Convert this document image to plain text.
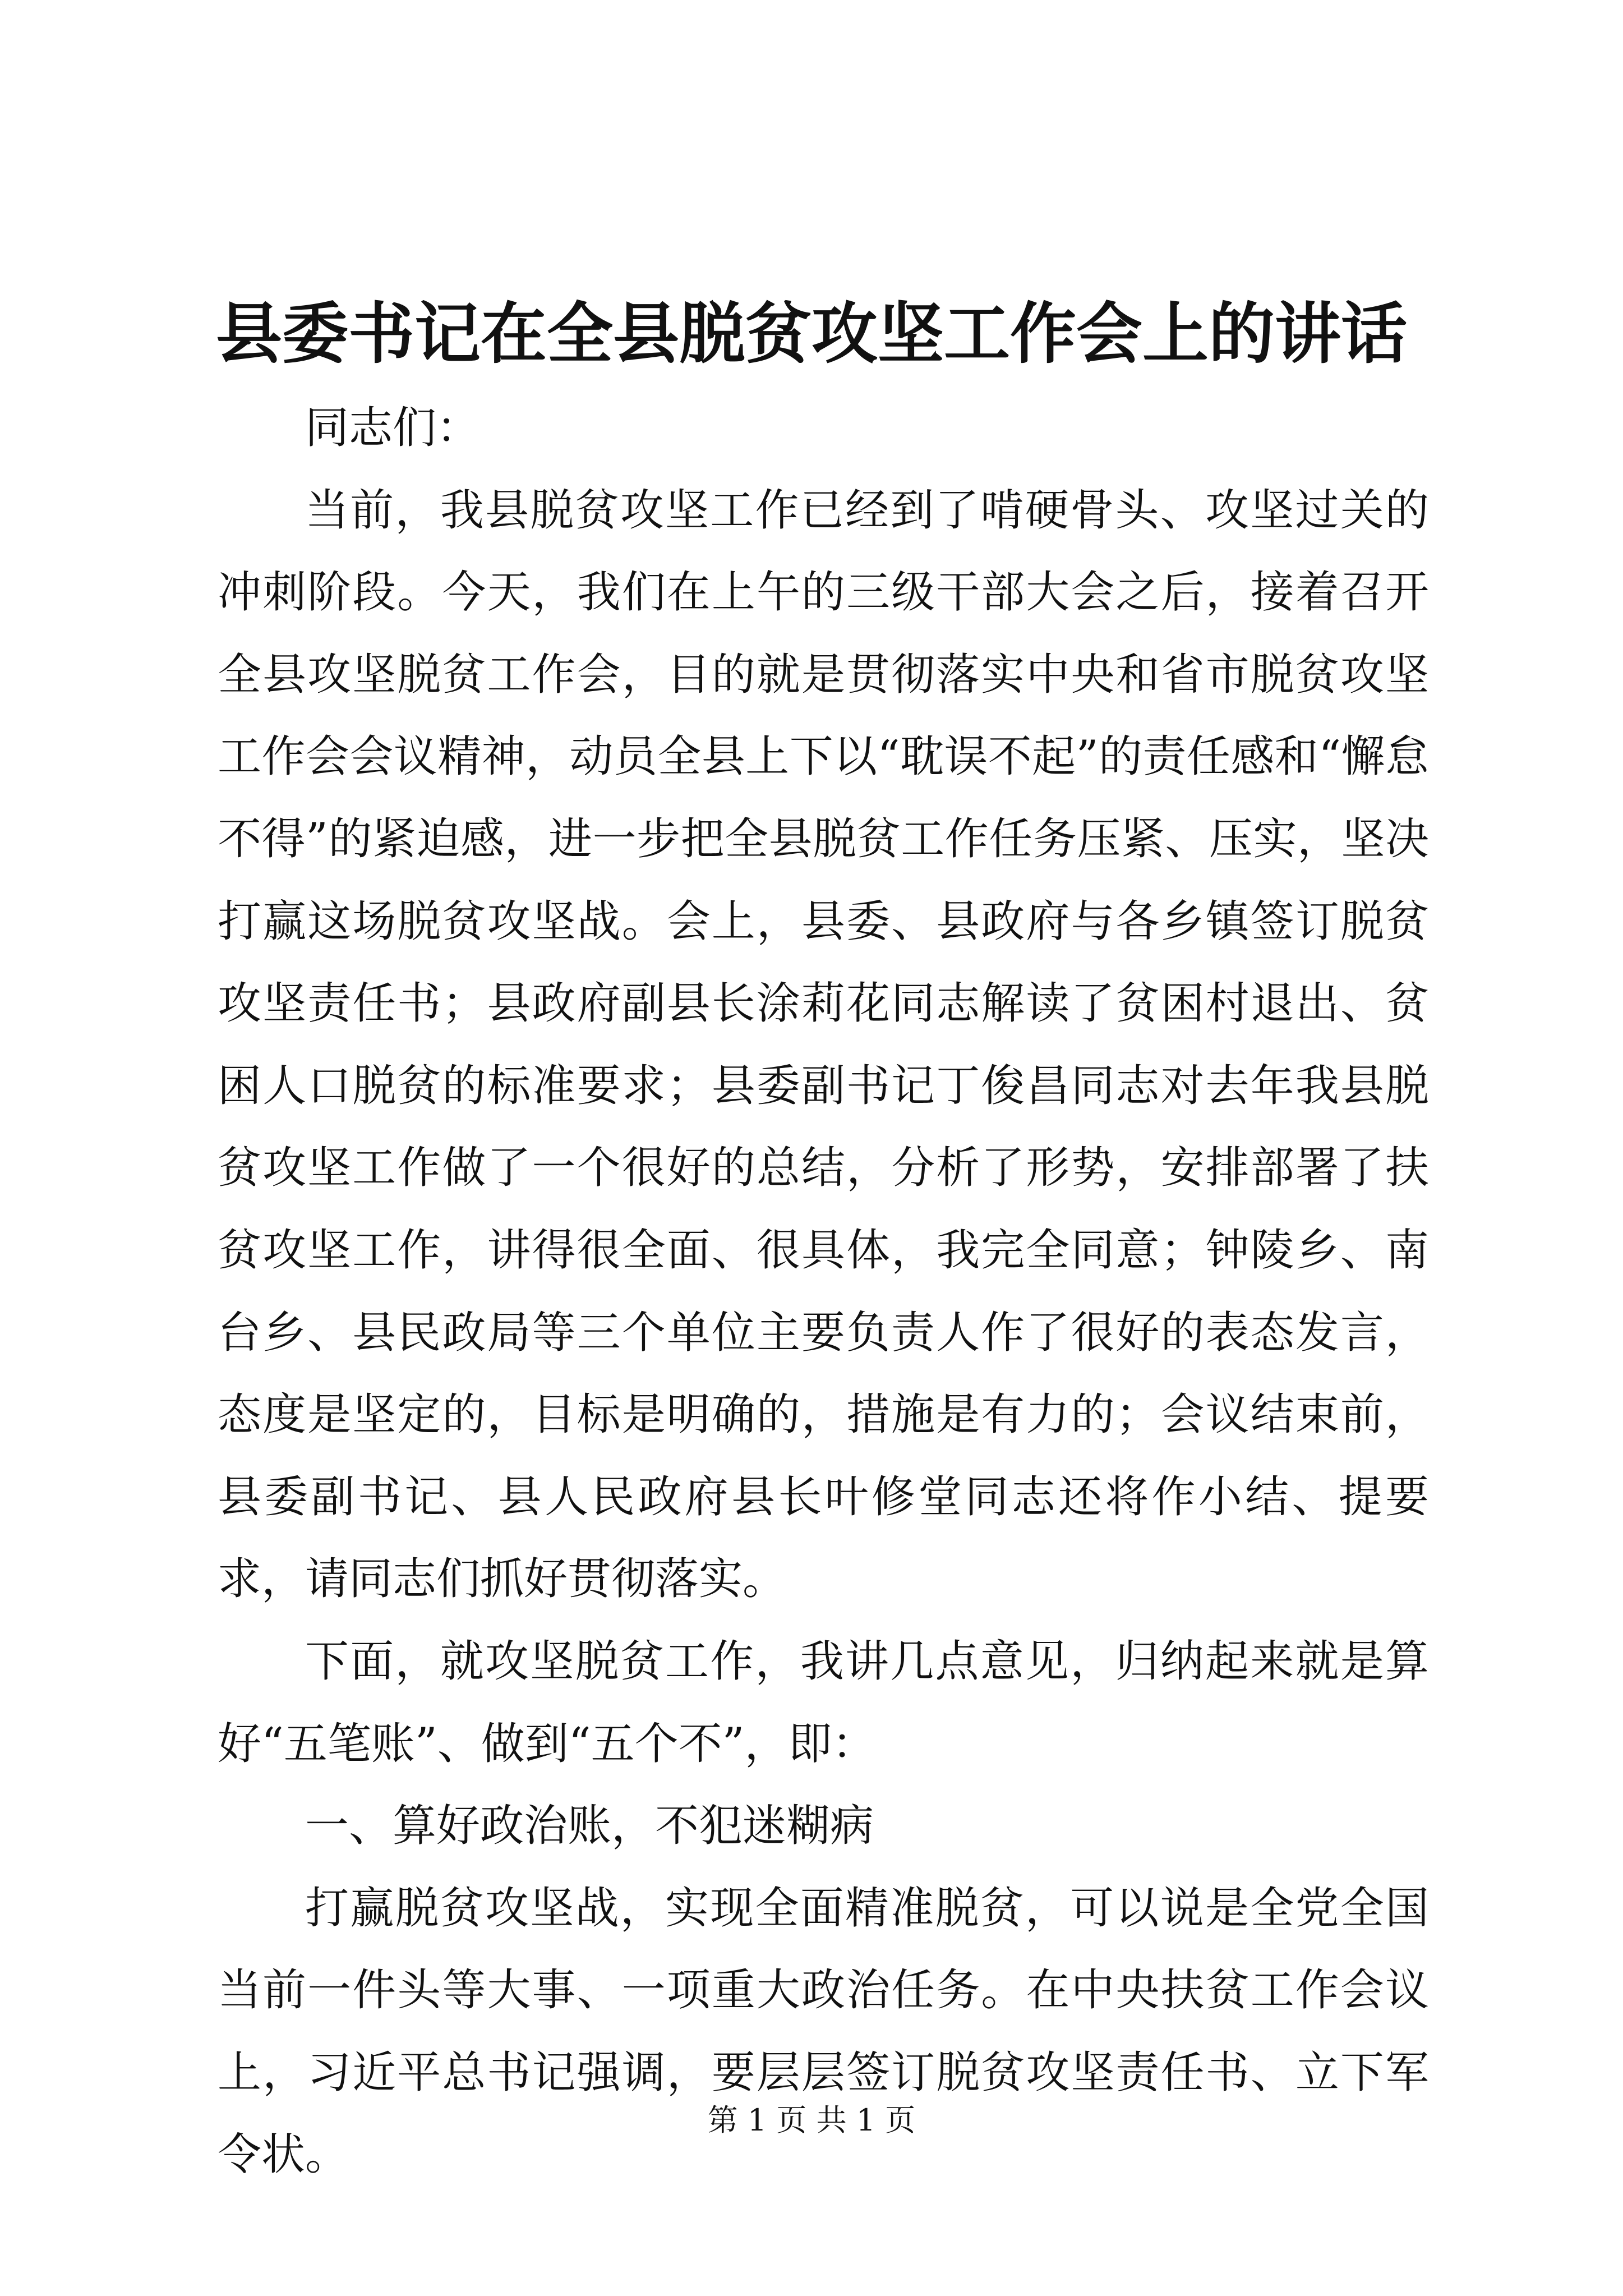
县委书记在全县脱贫攻坚工作会上的讲话

同志们：

当前，我县脱贫攻坚工作已经到了啃硬骨头、攻坚过关的冲刺阶段。今天，我们在上午的三级干部大会之后，接着召开全县攻坚脱贫工作会，目的就是贯彻落实中央和省市脱贫攻坚工作会会议精神，动员全县上下以“耽误不起”的责任感和“懈怠不得”的紧迫感，进一步把全县脱贫工作任务压紧、压实，坚决打赢这场脱贫攻坚战。会上，县委、县政府与各乡镇签订脱贫攻坚责任书；县政府副县长涂莉花同志解读了贫困村退出、贫困人口脱贫的标准要求；县委副书记丁俊昌同志对去年我县脱贫攻坚工作做了一个很好的总结，分析了形势，安排部署了扶贫攻坚工作，讲得很全面、很具体，我完全同意；钟陵乡、南台乡、县民政局等三个单位主要负责人作了很好的表态发言，态度是坚定的，目标是明确的，措施是有力的；会议结束前，县委副书记、县人民政府县长叶修堂同志还将作小结、提要求，请同志们抓好贯彻落实。

下面，就攻坚脱贫工作，我讲几点意见，归纳起来就是算好“五笔账”、做到“五个不”，即：

一、算好政治账，不犯迷糊病

打赢脱贫攻坚战，实现全面精准脱贫，可以说是全党全国当前一件头等大事、一项重大政治任务。在中央扶贫工作会议上，习近平总书记强调，要层层签订脱贫攻坚责任书、立下军令状。

第 1 页 共 1 页
